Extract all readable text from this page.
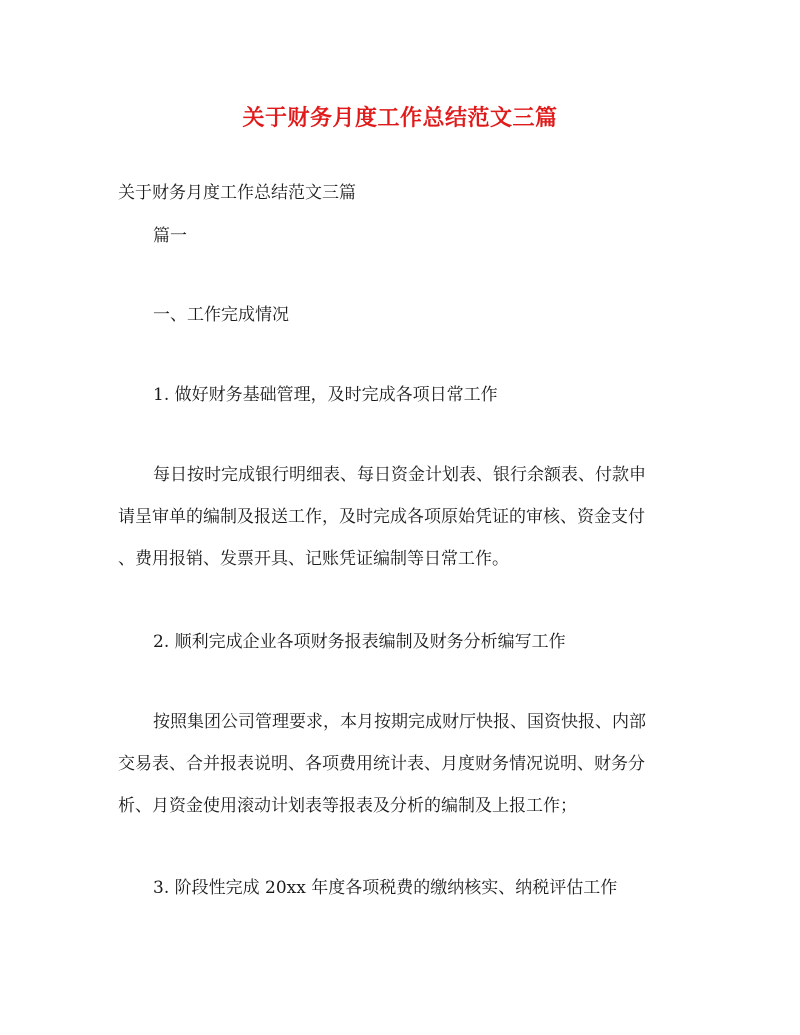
关于财务月度工作总结范文三篇
关于财务月度工作总结范文三篇
篇一
一、工作完成情况
1. 做好财务基础管理，及时完成各项日常工作
每日按时完成银行明细表、每日资金计划表、银行余额表、付款申
请呈审单的编制及报送工作，及时完成各项原始凭证的审核、资金支付
、费用报销、发票开具、记账凭证编制等日常工作。
2. 顺利完成企业各项财务报表编制及财务分析编写工作
按照集团公司管理要求，本月按期完成财厅快报、国资快报、内部
交易表、合并报表说明、各项费用统计表、月度财务情况说明、财务分
析、月资金使用滚动计划表等报表及分析的编制及上报工作；
3. 阶段性完成 20xx 年度各项税费的缴纳核实、纳税评估工作
